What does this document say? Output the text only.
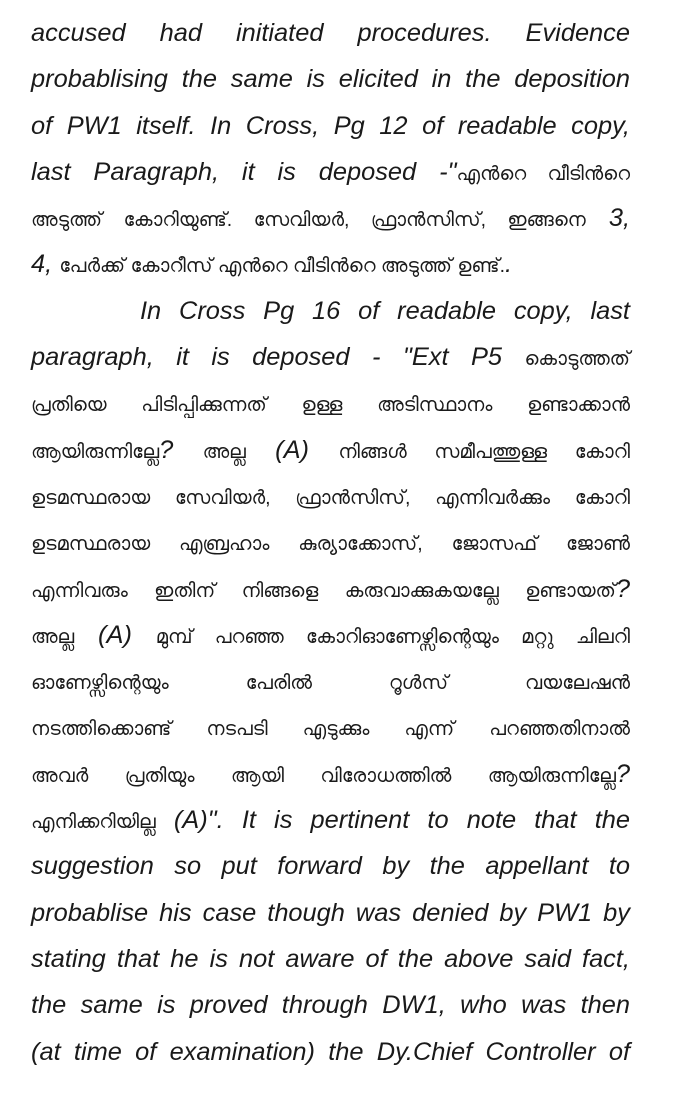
accused had initiated procedures. Evidence
probablising the same is elicited in the deposition
of PW1 itself. In Cross, Pg 12 of readable copy,
last Paragraph, it is deposed -"എൻറെ വീടിൻറെ
അടുത്ത് കോറിയുണ്ട്. സേവിയർ, ഫ്രാൻസിസ്, ഇങ്ങനെ 3,
4, പേർക്ക് കോറീസ് എൻറെ വീടിൻറെ അടുത്ത് ഉണ്ട്..
In Cross Pg 16 of readable copy, last
paragraph, it is deposed - "Ext P5 കൊടുത്തത്
പ്രതിയെ പിടിപ്പിക്കുന്നത് ഉള്ള അടിസ്ഥാനം ഉണ്ടാക്കാൻ
ആയിരുന്നില്ലേ? അല്ല (A) നിങ്ങൾ സമീപത്തുള്ള കോറി
ഉടമസ്ഥരായ സേവിയർ, ഫ്രാൻസിസ്, എന്നിവർക്കും കോറി
ഉടമസ്ഥരായ എബ്രഹാം കുര്യാക്കോസ്, ജോസഫ് ജോൺ
എന്നിവരും ഇതിന് നിങ്ങളെ കരുവാക്കുകയല്ലേ ഉണ്ടായത്?
അല്ല (A) മുമ്പ് പറഞ്ഞ കോറിഓണേഴ്സിന്റെയും മറ്റു ചിലറി
ഓണേഴ്സിന്റെയും പേരിൽ റൂൾസ് വയലേഷൻ
നടത്തിക്കൊണ്ട് നടപടി എടുക്കും എന്ന് പറഞ്ഞതിനാൽ
അവർ പ്രതിയും ആയി വിരോധത്തിൽ ആയിരുന്നില്ലേ?
എനിക്കറിയില്ല (A)". It is pertinent to note that the
suggestion so put forward by the appellant to
probablise his case though was denied by PW1 by
stating that he is not aware of the above said fact,
the same is proved through DW1, who was then
(at time of examination) the Dy.Chief Controller of
